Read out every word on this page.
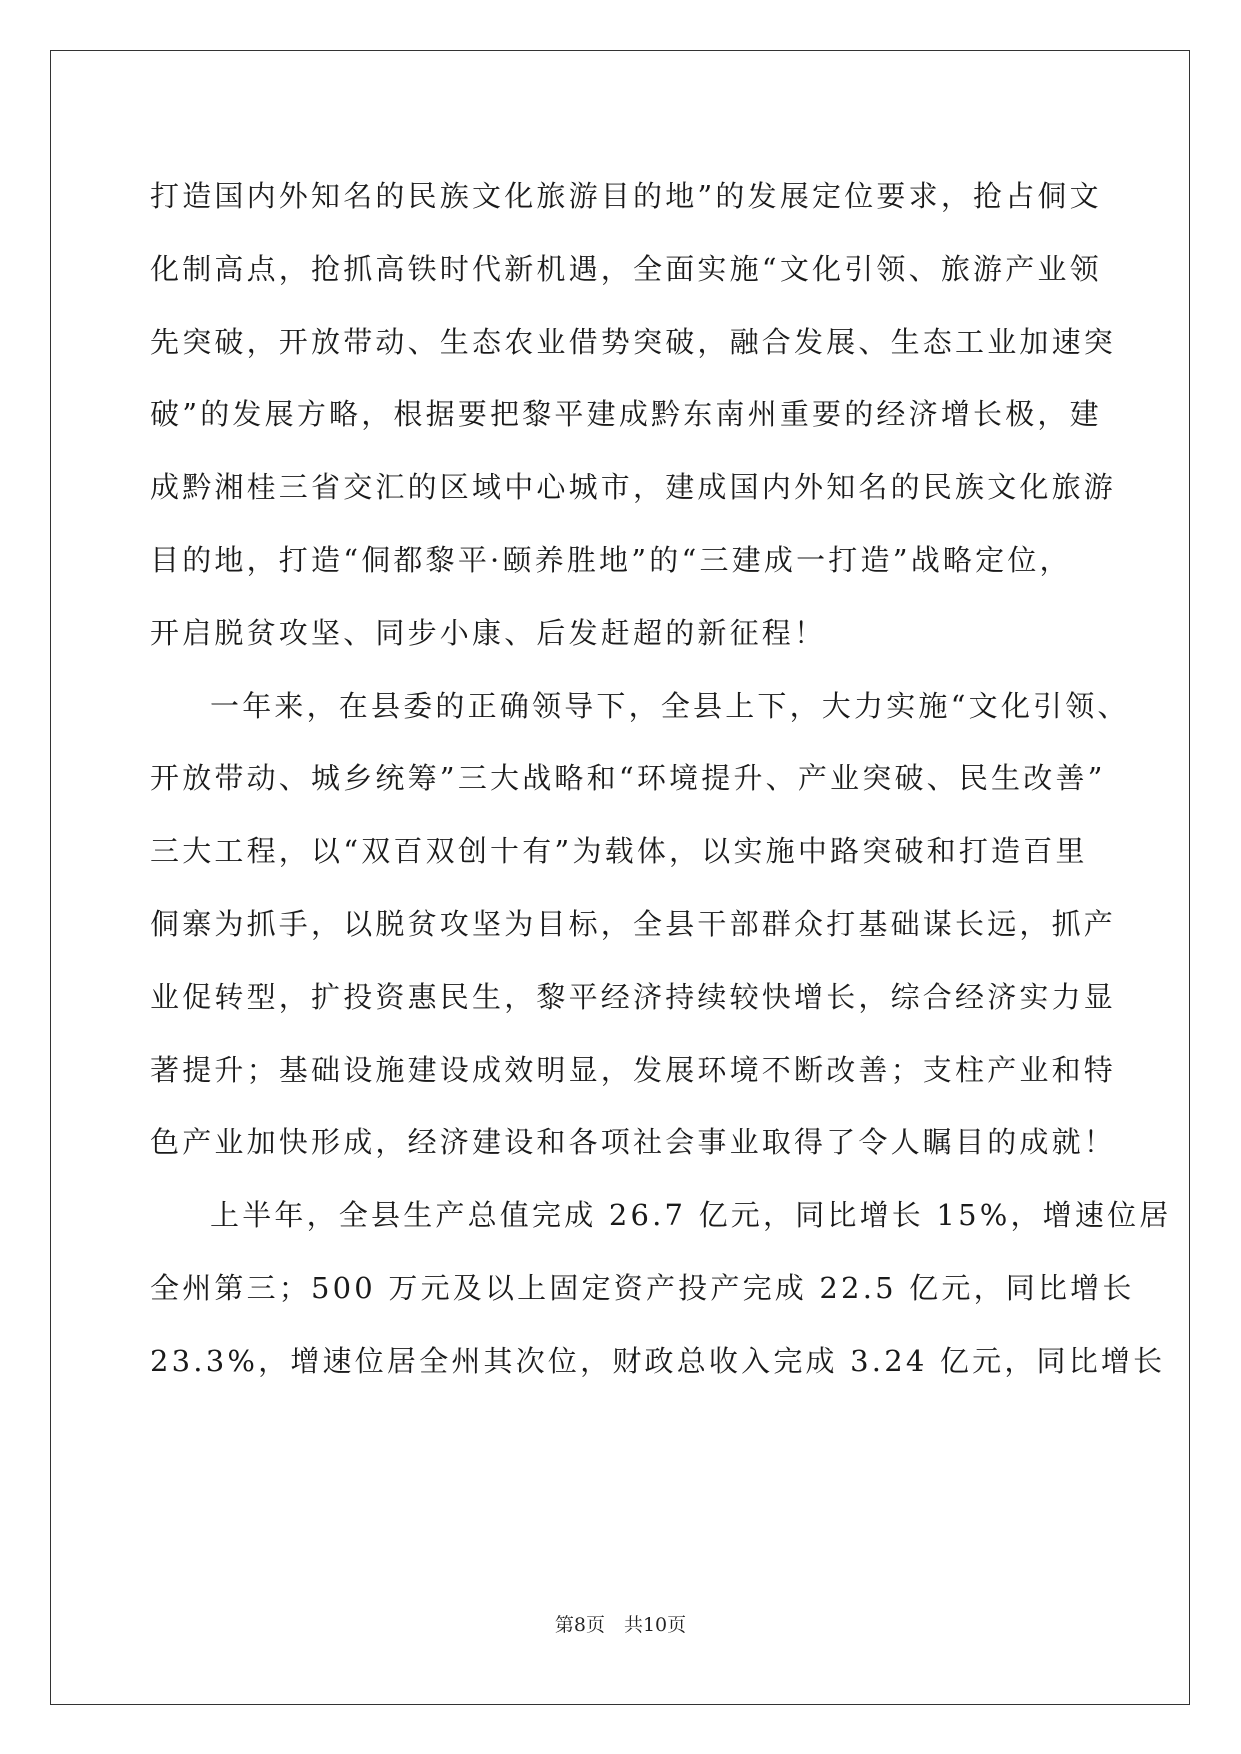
打造国内外知名的民族文化旅游目的地”的发展定位要求，抢占侗文
化制高点，抢抓高铁时代新机遇，全面实施“文化引领、旅游产业领
先突破，开放带动、生态农业借势突破，融合发展、生态工业加速突
破”的发展方略，根据要把黎平建成黔东南州重要的经济增长极，建
成黔湘桂三省交汇的区域中心城市，建成国内外知名的民族文化旅游
目的地，打造“侗都黎平·颐养胜地”的“三建成一打造”战略定位，
开启脱贫攻坚、同步小康、后发赶超的新征程！
一年来，在县委的正确领导下，全县上下，大力实施“文化引领、
开放带动、城乡统筹”三大战略和“环境提升、产业突破、民生改善”
三大工程，以“双百双创十有”为载体，以实施中路突破和打造百里
侗寨为抓手，以脱贫攻坚为目标，全县干部群众打基础谋长远，抓产
业促转型，扩投资惠民生，黎平经济持续较快增长，综合经济实力显
著提升；基础设施建设成效明显，发展环境不断改善；支柱产业和特
色产业加快形成，经济建设和各项社会事业取得了令人瞩目的成就！
上半年，全县生产总值完成 26.7 亿元，同比增长 15%，增速位居
全州第三；500 万元及以上固定资产投产完成 22.5 亿元，同比增长
23.3%，增速位居全州其次位，财政总收入完成 3.24 亿元，同比增长
第8页　共10页
